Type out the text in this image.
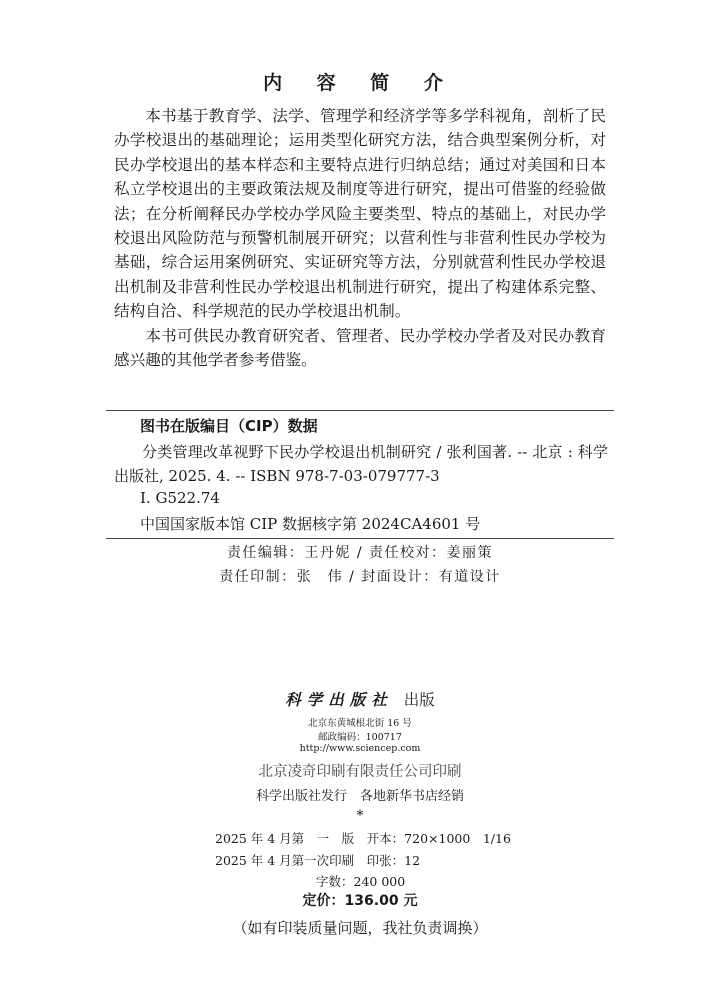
内 容 简 介

本书基于教育学、法学、管理学和经济学等多学科视角，剖析了民办学校退出的基础理论；运用类型化研究方法，结合典型案例分析，对民办学校退出的基本样态和主要特点进行归纳总结；通过对美国和日本私立学校退出的主要政策法规及制度等进行研究，提出可借鉴的经验做法；在分析阐释民办学校办学风险主要类型、特点的基础上，对民办学校退出风险防范与预警机制展开研究；以营利性与非营利性民办学校为基础，综合运用案例研究、实证研究等方法，分别就营利性民办学校退出机制及非营利性民办学校退出机制进行研究，提出了构建体系完整、结构自洽、科学规范的民办学校退出机制。

本书可供民办教育研究者、管理者、民办学校办学者及对民办教育感兴趣的其他学者参考借鉴。

图书在版编目（CIP）数据
分类管理改革视野下民办学校退出机制研究 / 张利国著. -- 北京 : 科学出版社, 2025. 4. -- ISBN 978-7-03-079777-3
Ⅰ. G522.74
中国国家版本馆 CIP 数据核字第 2024CA4601 号
责任编辑：王丹妮 / 责任校对：姜丽策
责任印制：张　伟 / 封面设计：有道设计
科学出版社 出版
北京东黄城根北街 16 号
邮政编码：100717
http://www.sciencep.com
北京凌奇印刷有限责任公司印刷
科学出版社发行　各地新华书店经销
*
2025 年 4 月第　一　版　开本：720×1000　1/16
2025 年 4 月第一次印刷　印张：12
字数：240 000
定价：136.00 元
（如有印装质量问题，我社负责调换）
